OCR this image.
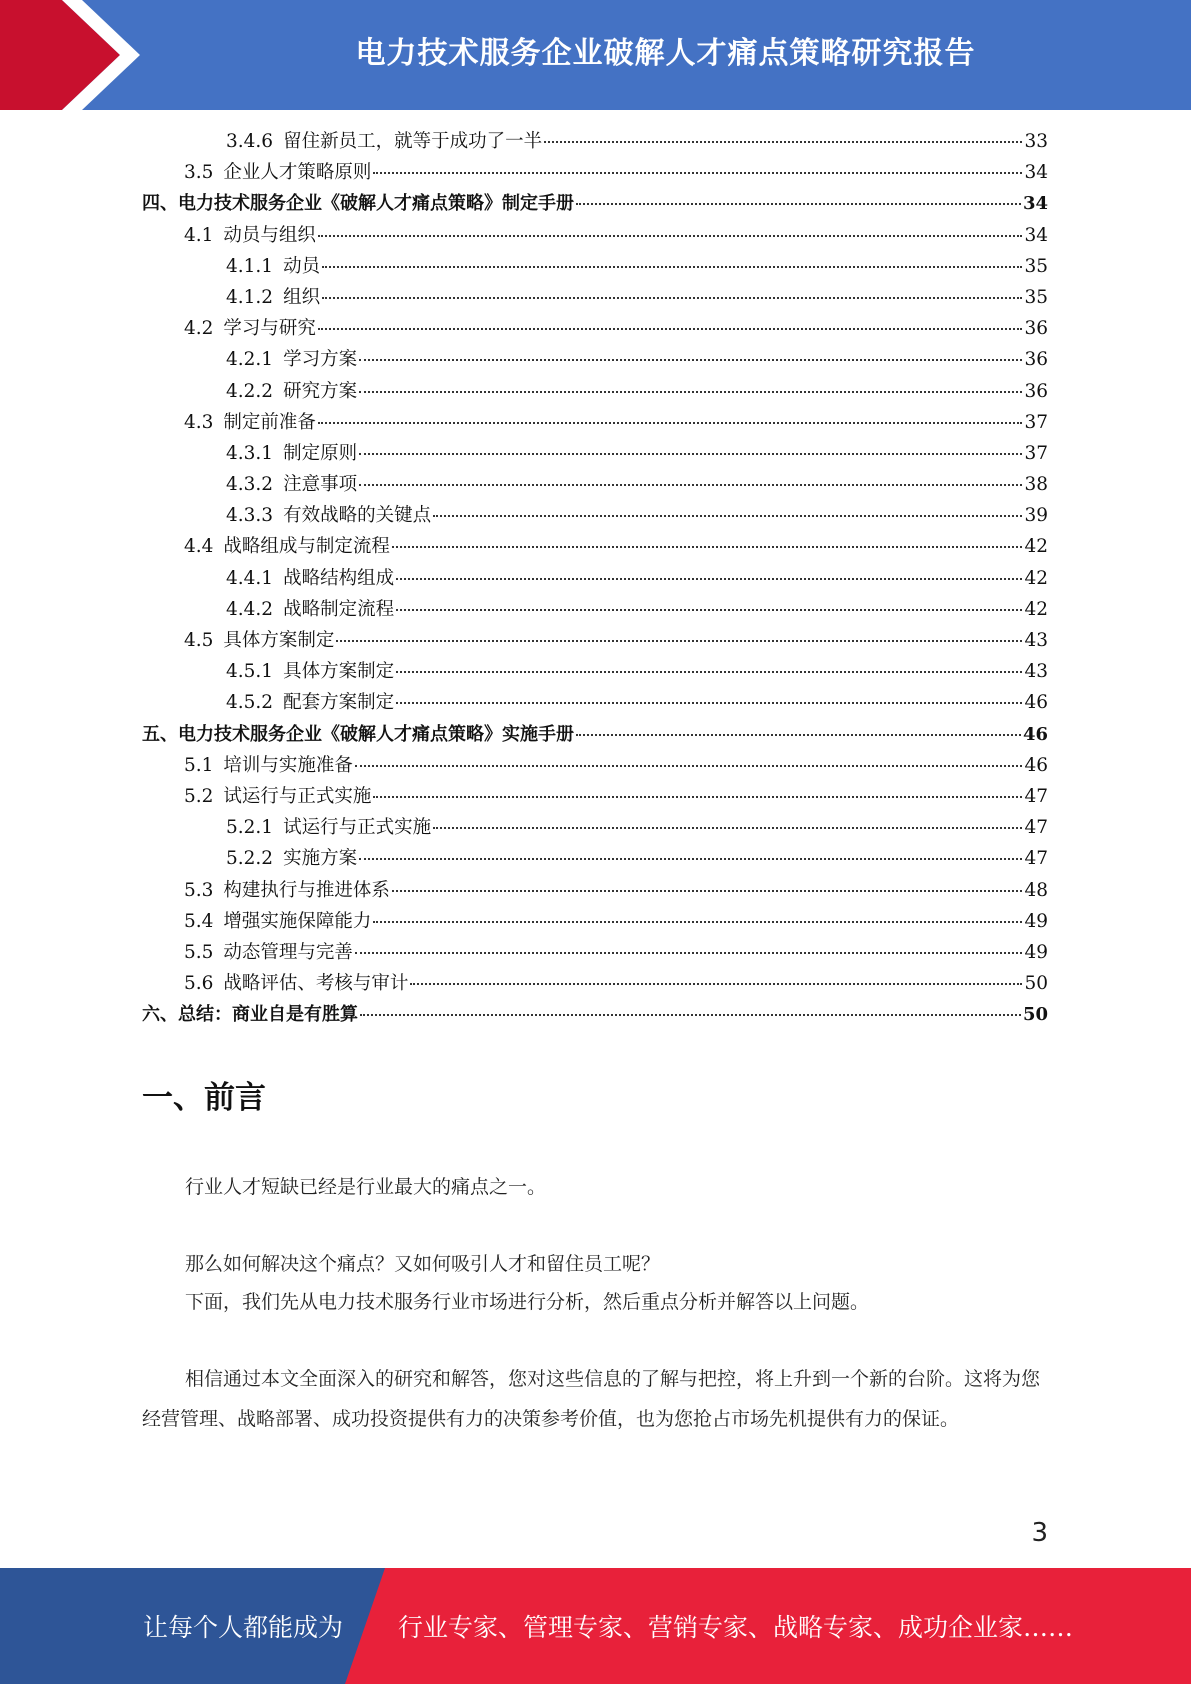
电力技术服务企业破解人才痛点策略研究报告
3.4.6 留住新员工，就等于成功了一半	33
3.5 企业人才策略原则	34
四、电力技术服务企业《破解人才痛点策略》制定手册	34
4.1 动员与组织	34
4.1.1 动员	35
4.1.2 组织	35
4.2 学习与研究	36
4.2.1 学习方案	36
4.2.2 研究方案	36
4.3 制定前准备	37
4.3.1 制定原则	37
4.3.2 注意事项	38
4.3.3 有效战略的关键点	39
4.4 战略组成与制定流程	42
4.4.1 战略结构组成	42
4.4.2 战略制定流程	42
4.5 具体方案制定	43
4.5.1 具体方案制定	43
4.5.2 配套方案制定	46
五、电力技术服务企业《破解人才痛点策略》实施手册	46
5.1 培训与实施准备	46
5.2 试运行与正式实施	47
5.2.1 试运行与正式实施	47
5.2.2 实施方案	47
5.3 构建执行与推进体系	48
5.4 增强实施保障能力	49
5.5 动态管理与完善	49
5.6 战略评估、考核与审计	50
六、总结：商业自是有胜算	50
一、前言

行业人才短缺已经是行业最大的痛点之一。

那么如何解决这个痛点？又如何吸引人才和留住员工呢？

下面，我们先从电力技术服务行业市场进行分析，然后重点分析并解答以上问题。

相信通过本文全面深入的研究和解答，您对这些信息的了解与把控，将上升到一个新的台阶。这将为您经营管理、战略部署、成功投资提供有力的决策参考价值，也为您抢占市场先机提供有力的保证。

3
让每个人都能成为 行业专家、管理专家、营销专家、战略专家、成功企业家……
